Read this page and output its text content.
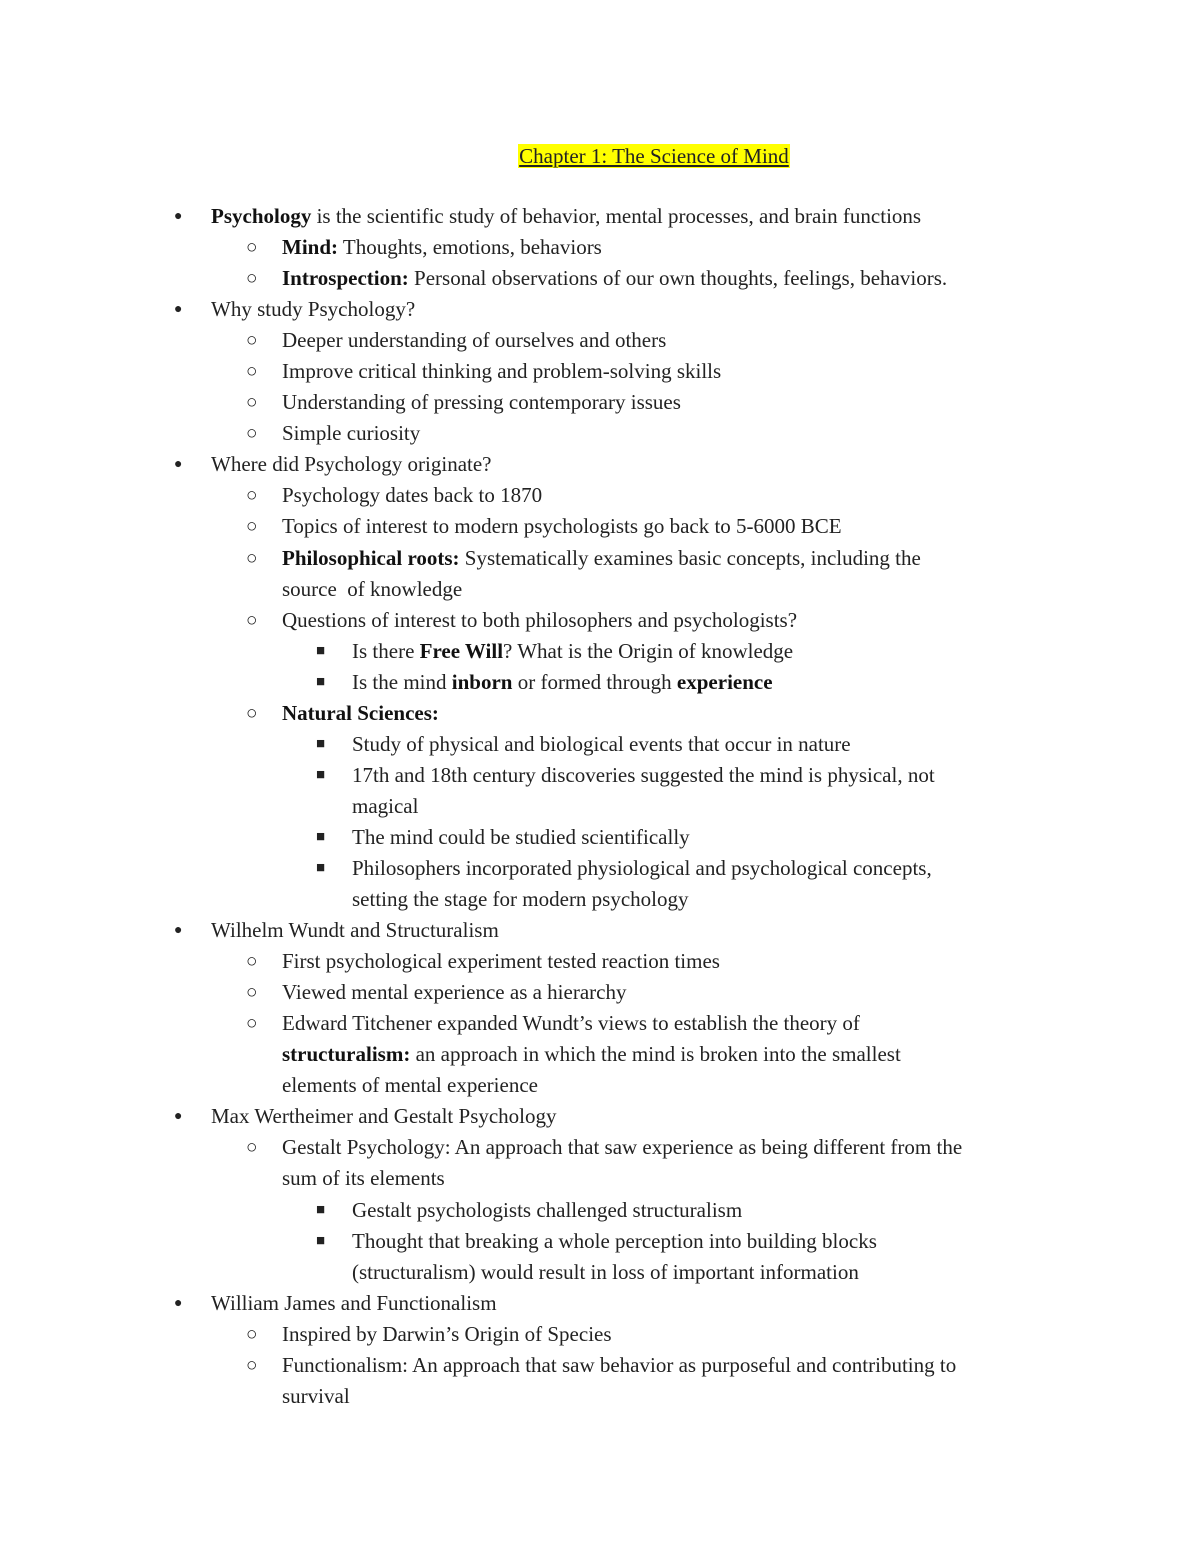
Chapter 1: The Science of Mind
● Psychology is the scientific study of behavior, mental processes, and brain functions
○ Mind: Thoughts, emotions, behaviors
○ Introspection: Personal observations of our own thoughts, feelings, behaviors.
● Why study Psychology?
○ Deeper understanding of ourselves and others
○ Improve critical thinking and problem-solving skills
○ Understanding of pressing contemporary issues
○ Simple curiosity
● Where did Psychology originate?
○ Psychology dates back to 1870
○ Topics of interest to modern psychologists go back to 5-6000 BCE
○ Philosophical roots: Systematically examines basic concepts, including the
source  of knowledge
○ Questions of interest to both philosophers and psychologists?
■ Is there Free Will? What is the Origin of knowledge
■ Is the mind inborn or formed through experience
○ Natural Sciences:
■ Study of physical and biological events that occur in nature
■ 17th and 18th century discoveries suggested the mind is physical, not
magical
■ The mind could be studied scientifically
■ Philosophers incorporated physiological and psychological concepts,
setting the stage for modern psychology
● Wilhelm Wundt and Structuralism
○ First psychological experiment tested reaction times
○ Viewed mental experience as a hierarchy
○ Edward Titchener expanded Wundt’s views to establish the theory of
structuralism: an approach in which the mind is broken into the smallest
elements of mental experience
● Max Wertheimer and Gestalt Psychology
○ Gestalt Psychology: An approach that saw experience as being different from the
sum of its elements
■ Gestalt psychologists challenged structuralism
■ Thought that breaking a whole perception into building blocks
(structuralism) would result in loss of important information
● William James and Functionalism
○ Inspired by Darwin’s Origin of Species
○ Functionalism: An approach that saw behavior as purposeful and contributing to
survival
